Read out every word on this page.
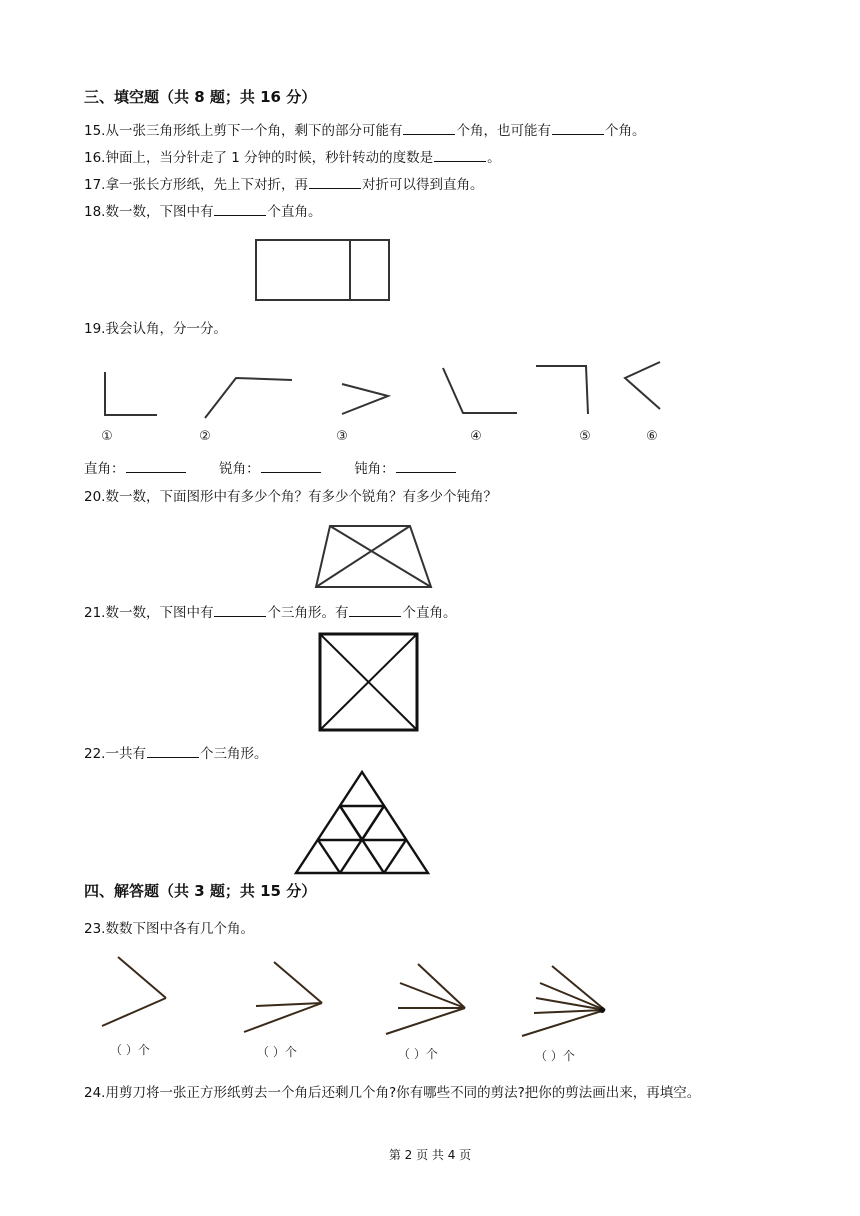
三、填空题（共 8 题；共 16 分）
15.从一张三角形纸上剪下一个角，剩下的部分可能有	个角，也可能有	个角。
16.钟面上，当分针走了 1 分钟的时候，秒针转动的度数是	。
17.拿一张长方形纸，先上下对折，再	对折可以得到直角。
18.数一数，下图中有	个直角。
①	②	③	④	⑤	⑥
（ ）个	（ ）个	（ ）个	（ ）个
19.我会认角，分一分。
直角：	锐角：	钝角：
20.数一数，下面图形中有多少个角？有多少个锐角？有多少个钝角？
21.数一数，下图中有	个三角形。有	个直角。
22.一共有	个三角形。
四、解答题（共 3 题；共 15 分）
23.数数下图中各有几个角。
24.用剪刀将一张正方形纸剪去一个角后还剩几个角?你有哪些不同的剪法?把你的剪法画出来，再填空。
第 2 页 共 4 页
